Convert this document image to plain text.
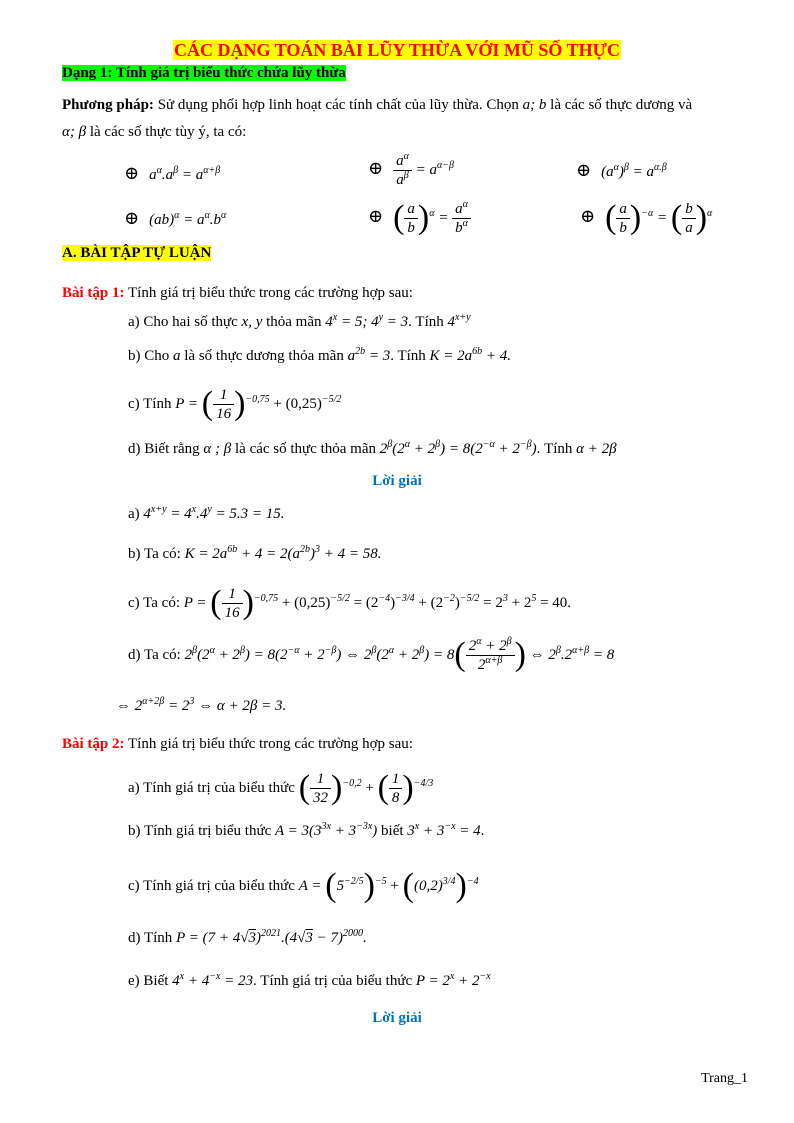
CÁC DẠNG TOÁN BÀI LŨY THỪA VỚI MŨ SỐ THỰC
Dạng 1: Tính giá trị biểu thức chứa lũy thừa
Phương pháp: Sử dụng phối hợp linh hoạt các tính chất của lũy thừa. Chọn a; b là các số thực dương và
α; β là các số thực tùy ý, ta có:
⊕ $a^\alpha.a^\beta = a^{\alpha+\beta}$	⊕ $\frac{a^\alpha}{a^\beta} = a^{\alpha-\beta}$	⊕ $(a^\alpha)^\beta = a^{\alpha.\beta}$
⊕ $(ab)^\alpha = a^\alpha.b^\alpha$	⊕ ( $\frac{a}{b} )^\alpha = \frac{a^\alpha}{b^\alpha}$	⊕ ( $\frac{a}{b} )^{-\alpha}$ = ( $\frac{b}{a} )^\alpha$
A. BÀI TẬP TỰ LUẬN
Bài tập 1: Tính giá trị biểu thức trong các trường hợp sau:
a) Cho hai số thực x, y thỏa mãn $4^x = 5$; $4^y = 3$. Tính $4^{x+y}$
b) Cho a là số thực dương thỏa mãn $a^{2b} = 3$. Tính $K = 2a^{6b} + 4$.
c) Tính P = ( $\frac{1}{16} )^{-0,75} + (0,25)^{-5/2}$
d) Biết rằng α ; β là các số thực thỏa mãn $2^\beta(2^\alpha + 2^\beta) = 8(2^{-\alpha} + 2^{-\beta})$. Tính α + 2β
Lời giải
a) $4^{x+y} = 4^x.4^y = 5.3 = 15$.
b) Ta có: $K = 2a^{6b} + 4 = 2(a^{2b})^3 + 4 = 58$.
c) Ta có: P = ( $\frac{1}{16} )^{-0,75} + (0,25)^{-5/2} = (2^{-4})^{-3/4} + (2^{-2})^{-5/2} = 2^3 + 2^5 = 40$.
d) Ta có: $2^\beta(2^\alpha + 2^\beta) = 8(2^{-\alpha} + 2^{-\beta})$ ⇔ $2^\beta(2^\alpha + 2^\beta) = 8( \frac{2^\alpha + 2^\beta}{2^{\alpha+\beta}}$ ) ⇔ $2^\beta.2^{\alpha+\beta} = 8$
⇔ $2^{\alpha+2\beta} = 2^3$ ⇔ α + 2β = 3.
Bài tập 2: Tính giá trị biểu thức trong các trường hợp sau:
a) Tính giá trị của biểu thức ( $\frac{1}{32} )^{-0,2}$ + ( $\frac{1}{8} )^{-4/3}$
b) Tính giá trị biểu thức $A = 3(3^{3x} + 3^{-3x})$ biết $3^x + 3^{-x} = 4$.
c) Tính giá trị của biểu thức $A = (5^{-2/5})^{-5} + ((0,2)^{3/4})^{-4}$
d) Tính $P = (7 + 4√3)^{2021}.(4√3 - 7)^{2000}$.
e) Biết $4^x + 4^{-x} = 23$. Tính giá trị của biểu thức $P = 2^x + 2^{-x}$
Lời giải
Trang_1
